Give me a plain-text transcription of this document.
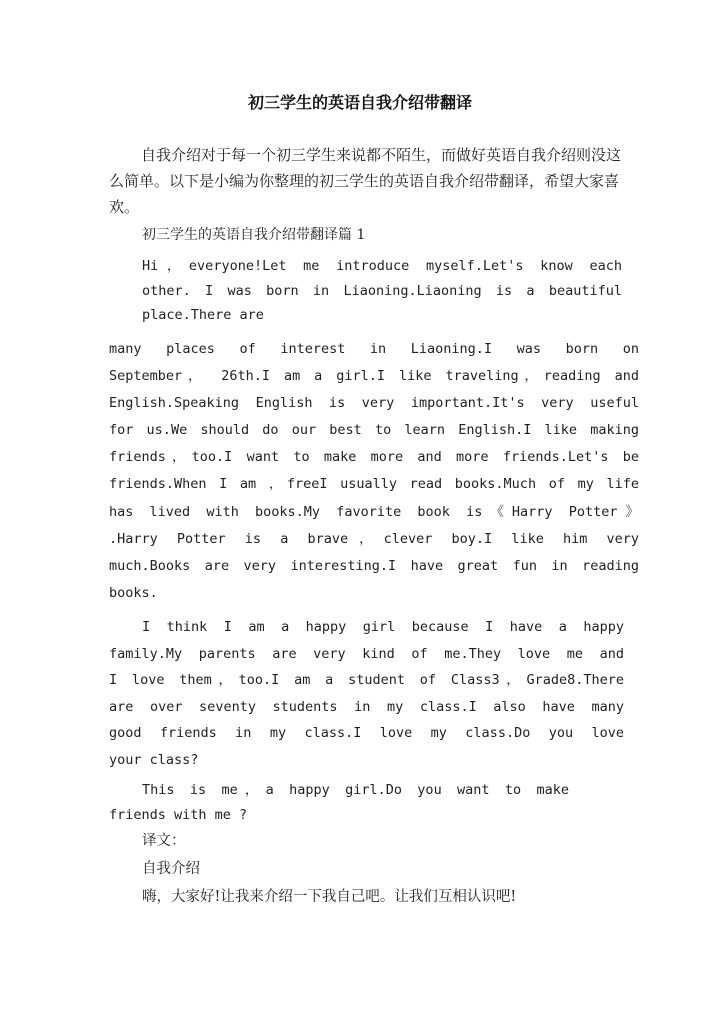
初三学生的英语自我介绍带翻译
自我介绍对于每一个初三学生来说都不陌生，而做好英语自我介绍则没这么简单。以下是小编为你整理的初三学生的英语自我介绍带翻译，希望大家喜欢。
初三学生的英语自我介绍带翻译篇 1
Hi，everyone!Let me introduce myself.Let's know each
other. I was born in Liaoning.Liaoning is a beautiful
place.There are
many places of interest in Liaoning.I was born on
September， 26th.I am a girl.I like traveling，reading and
English.Speaking English is very important.It's very useful
for us.We should do our best to learn English.I like making
friends，too.I want to make more and more friends.Let's be
friends.When I am ，freeI usually read books.Much of my life
has lived with books.My favorite book is《Harry Potter》
.Harry Potter is a brave，clever boy.I like him very
much.Books are very interesting.I have great fun in reading
books.
I think I am a happy girl because I have a happy
family.My parents are very kind of me.They love me and
I love them，too.I am a student of Class3，Grade8.There
are over seventy students in my class.I also have many
good friends in my class.I love my class.Do you love
your class?
This is me，a happy girl.Do you want to make
friends with me ?
译文：
自我介绍
嗨，大家好!让我来介绍一下我自己吧。让我们互相认识吧!
